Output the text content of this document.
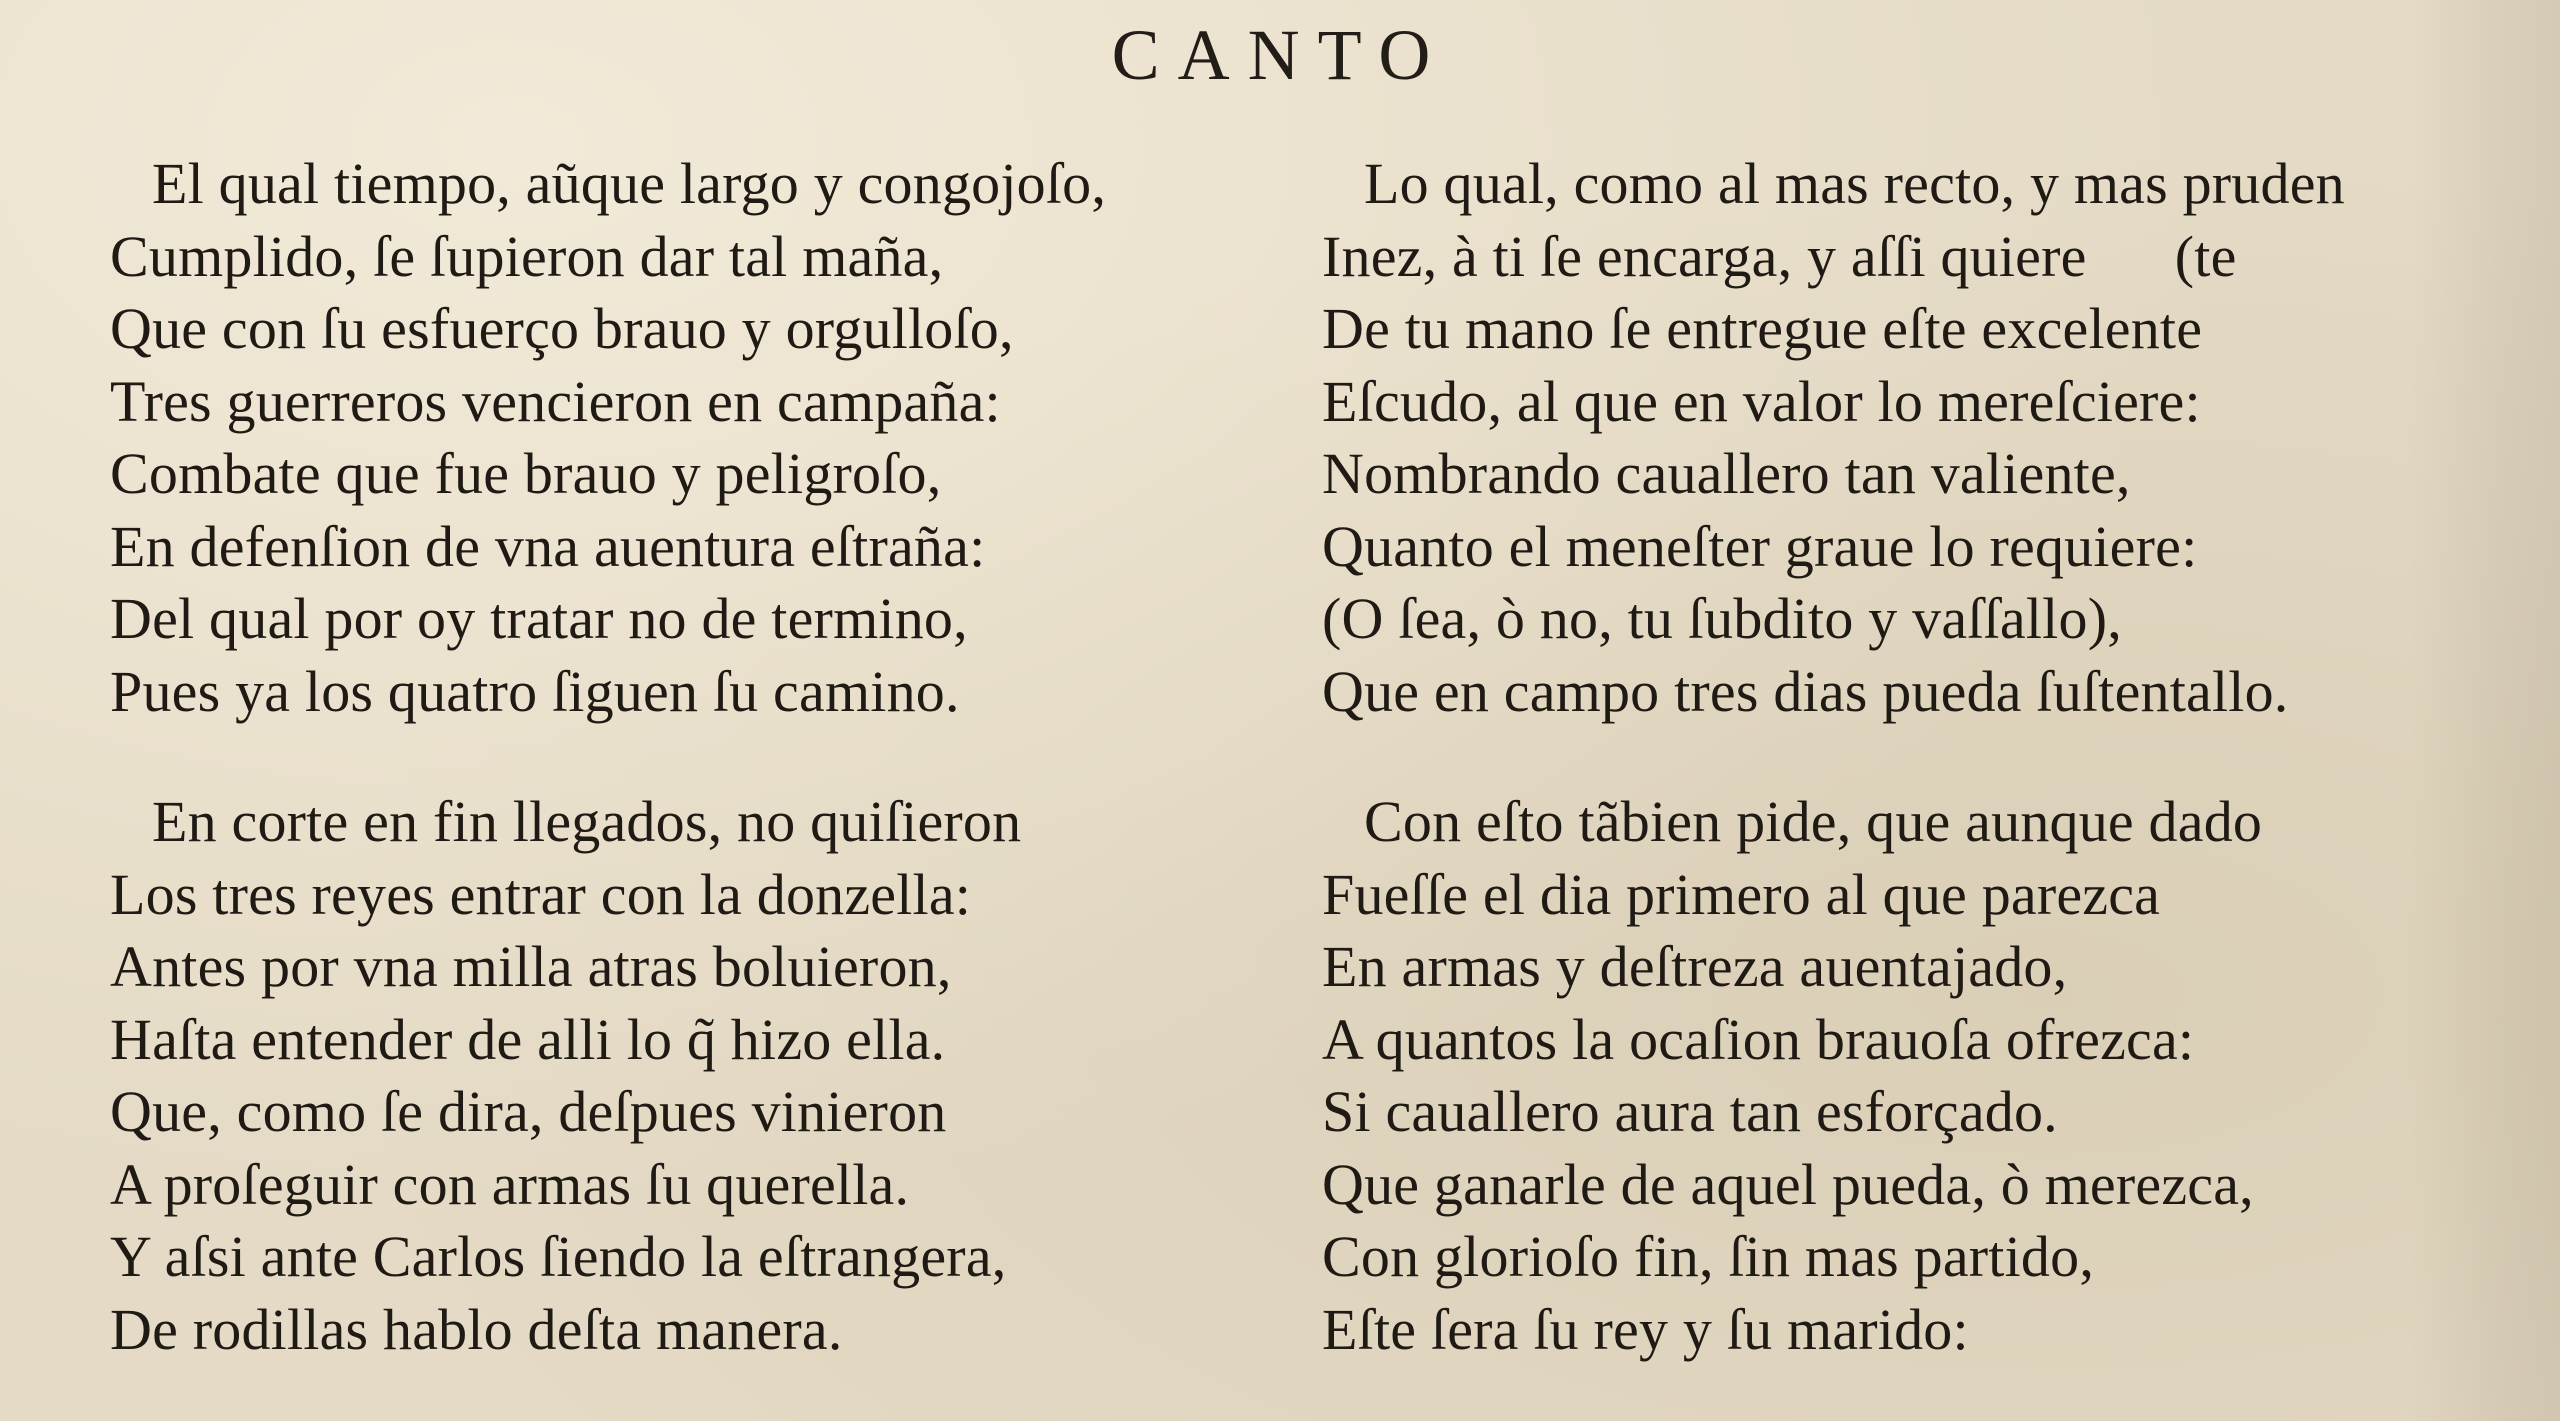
CANTO
El qual tiempo, aũque largo y congojoſo,
Cumplido, ſe ſupieron dar tal maña,
Que con ſu esfuerço brauo y orgulloſo,
Tres guerreros vencieron en campaña:
Combate que fue brauo y peligroſo,
En defenſion de vna auentura eſtraña:
Del qual por oy tratar no de termino,
Pues ya los quatro ſiguen ſu camino.
En corte en fin llegados, no quiſieron
Los tres reyes entrar con la donzella:
Antes por vna milla atras boluieron,
Haſta entender de alli lo q̃ hizo ella.
Que, como ſe dira, deſpues vinieron
A proſeguir con armas ſu querella.
Y aſsi ante Carlos ſiendo la eſtrangera,
De rodillas hablo deſta manera.
Lo qual, como al mas recto, y mas pruden
Inez, à ti ſe encarga, y aſſi quiere      (te
De tu mano ſe entregue eſte excelente
Eſcudo, al que en valor lo mereſciere:
Nombrando cauallero tan valiente,
Quanto el meneſter graue lo requiere:
(O ſea, ò no, tu ſubdito y vaſſallo),
Que en campo tres dias pueda ſuſtentallo.
Con eſto tãbien pide, que aunque dado
Fueſſe el dia primero al que parezca
En armas y deſtreza auentajado,
A quantos la ocaſion brauoſa ofrezca:
Si cauallero aura tan esforçado.
Que ganarle de aquel pueda, ò merezca,
Con glorioſo fin, ſin mas partido,
Eſte ſera ſu rey y ſu marido:
